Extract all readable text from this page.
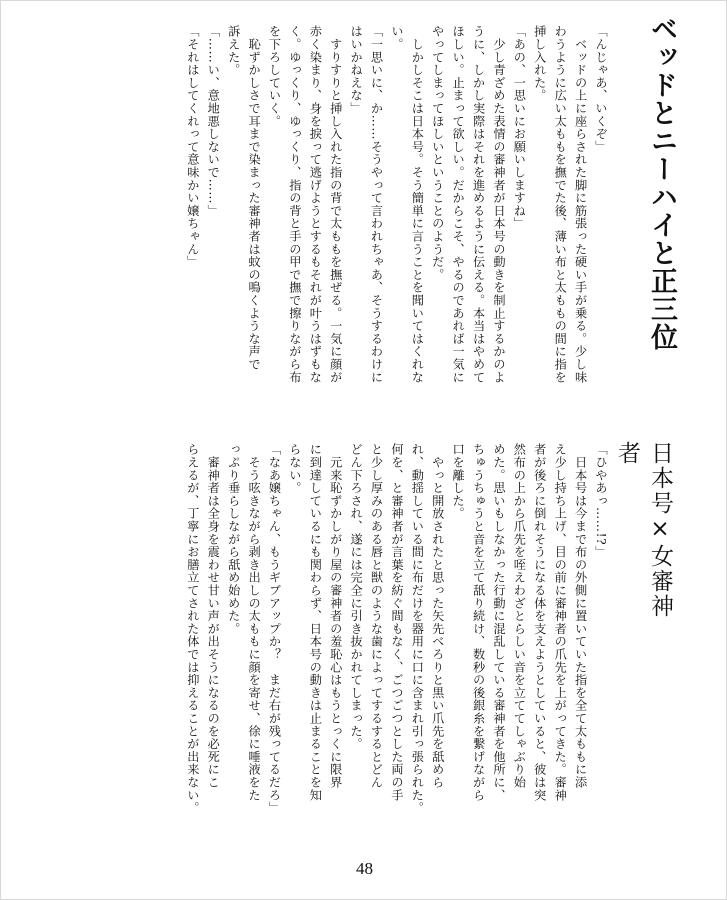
ベッドとニーハイと正三位
日本号×女審神者
「んじゃあ、いくぞ」
　ベッドの上に座らされた脚に筋張った硬い手が乗る。少し味
わうように広い太ももを撫でた後、薄い布と太ももの間に指を
挿し入れた。
「あの、一思いにお願いしますね」
　少し青ざめた表情の審神者が日本号の動きを制止するかのよ
うに、しかし実際はそれを進めるように伝える。本当はやめて
ほしい。止まって欲しい。だからこそ、やるのであれば一気に
やってしまってほしいということのようだ。
　しかしそこは日本号。そう簡単に言うことを聞いてはくれな
い。
「一思いに、か……そうやって言われちゃあ、そうするわけに
はいかねえな」
　すりすりと挿し入れた指の背で太ももを撫ぜる。一気に顔が
赤く染まり、身を捩って逃げようとするもそれが叶うはずもな
く。ゆっくり、ゆっくり、指の背と手の甲で撫で擦りながら布
を下ろしていく。
　恥ずかしさで耳まで染まった審神者は蚊の鳴くような声で
訴えた。
「……い、意地悪しないで……」
「それはしてくれって意味かい嬢ちゃん」
「ひやあっ……!?」
　日本号は今まで布の外側に置いていた指を全て太ももに添
え少し持ち上げ、目の前に審神者の爪先を上がってきた。審神
者が後ろに倒れそうになる体を支えようとしていると、彼は突
然布の上から爪先を咥えわざとらしい音を立ててしゃぶり始
めた。思いもしなかった行動に混乱している審神者を他所に、
ちゅうちゅうと音を立て舐り続け、数秒の後銀糸を繋げながら
口を離した。
　やっと開放されたと思った矢先べろりと黒い爪先を舐めら
れ、動揺している間に布だけを器用に口に含まれ引っ張られた。
何を、と審神者が言葉を紡ぐ間もなく、ごつごつとした両の手
と少し厚みのある唇と獣のような歯によってするするとどん
どん下ろされ、遂には完全に引き抜かれてしまった。
　元来恥ずかしがり屋の審神者の羞恥心はもうとっくに限界
に到達しているにも関わらず、日本号の動きは止まることを知
らない。
「なあ嬢ちゃん、もうギブアップか？　まだ右が残ってるだろ」
　そう呟きながら剥き出しの太ももに顔を寄せ、徐に唾液をた
っぷり垂らしながら舐め始めた。
　審神者は全身を震わせ甘い声が出そうになるのを必死にこ
らえるが、丁寧にお膳立てされた体では抑えることが出来ない。
48
